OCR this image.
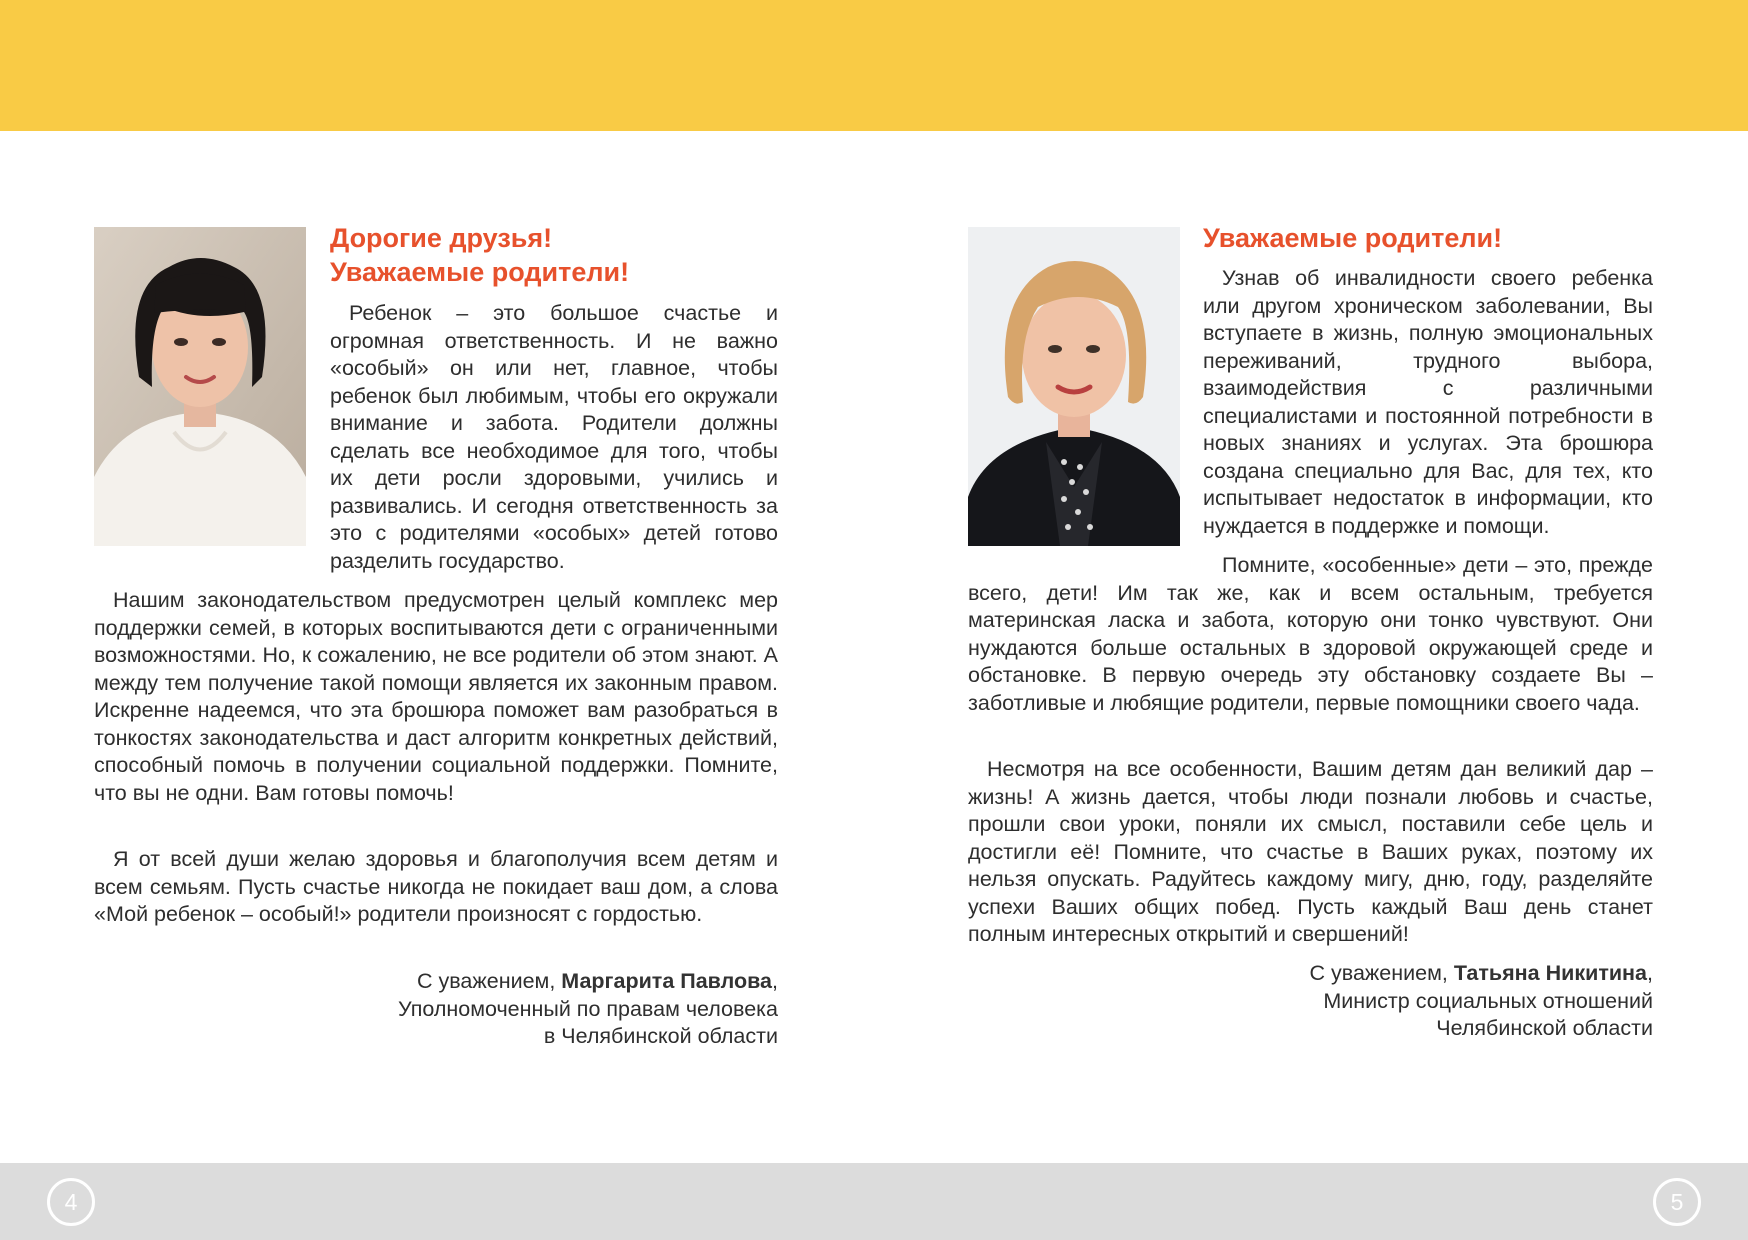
Дорогие друзья!
Уважаемые родители!

Ребенок – это большое счастье и огромная ответственность. И не важно «особый» он или нет, главное, чтобы ребенок был любимым, чтобы его окружали внимание и забота. Родители должны сделать все необходимое для того, чтобы их дети росли здоровыми, учились и развивались. И сегодня ответственность за это с родителями «особых» детей готово разделить государство.

Нашим законодательством предусмотрен целый комплекс мер поддержки семей, в которых воспитываются дети с ограниченными возможностями. Но, к сожалению, не все родители об этом знают. А между тем получение такой помощи является их законным правом. Искренне надеемся, что эта брошюра поможет вам разобраться в тонкостях законодательства и даст алгоритм конкретных действий, способный помочь в получении социальной поддержки. Помните, что вы не одни. Вам готовы помочь!

Я от всей души желаю здоровья и благополучия всем детям и всем семьям. Пусть счастье никогда не покидает ваш дом, а слова «Мой ребенок – особый!» родители произносят с гордостью.

С уважением, Маргарита Павлова,
Уполномоченный по правам человека
в Челябинской области
Уважаемые родители!

Узнав об инвалидности своего ребенка или другом хроническом заболевании, Вы вступаете в жизнь, полную эмоциональных переживаний, трудного выбора, взаимодействия с различными специалистами и постоянной потребности в новых знаниях и услугах. Эта брошюра создана специально для Вас, для тех, кто испытывает недостаток в информации, кто нуждается в поддержке и помощи.

Помните, «особенные» дети – это, прежде всего, дети! Им так же, как и всем остальным, требуется материнская ласка и забота, которую они тонко чувствуют. Они нуждаются больше остальных в здоровой окружающей среде и обстановке. В первую очередь эту обстановку создаете Вы – заботливые и любящие родители, первые помощники своего чада.

Несмотря на все особенности, Вашим детям дан великий дар – жизнь! А жизнь дается, чтобы люди познали любовь и счастье, прошли свои уроки, поняли их смысл, поставили себе цель и достигли её! Помните, что счастье в Ваших руках, поэтому их нельзя опускать. Радуйтесь каждому мигу, дню, году, разделяйте успехи Ваших общих побед. Пусть каждый Ваш день станет полным интересных открытий и свершений!

С уважением, Татьяна Никитина,
Министр социальных отношений
Челябинской области
4	5
